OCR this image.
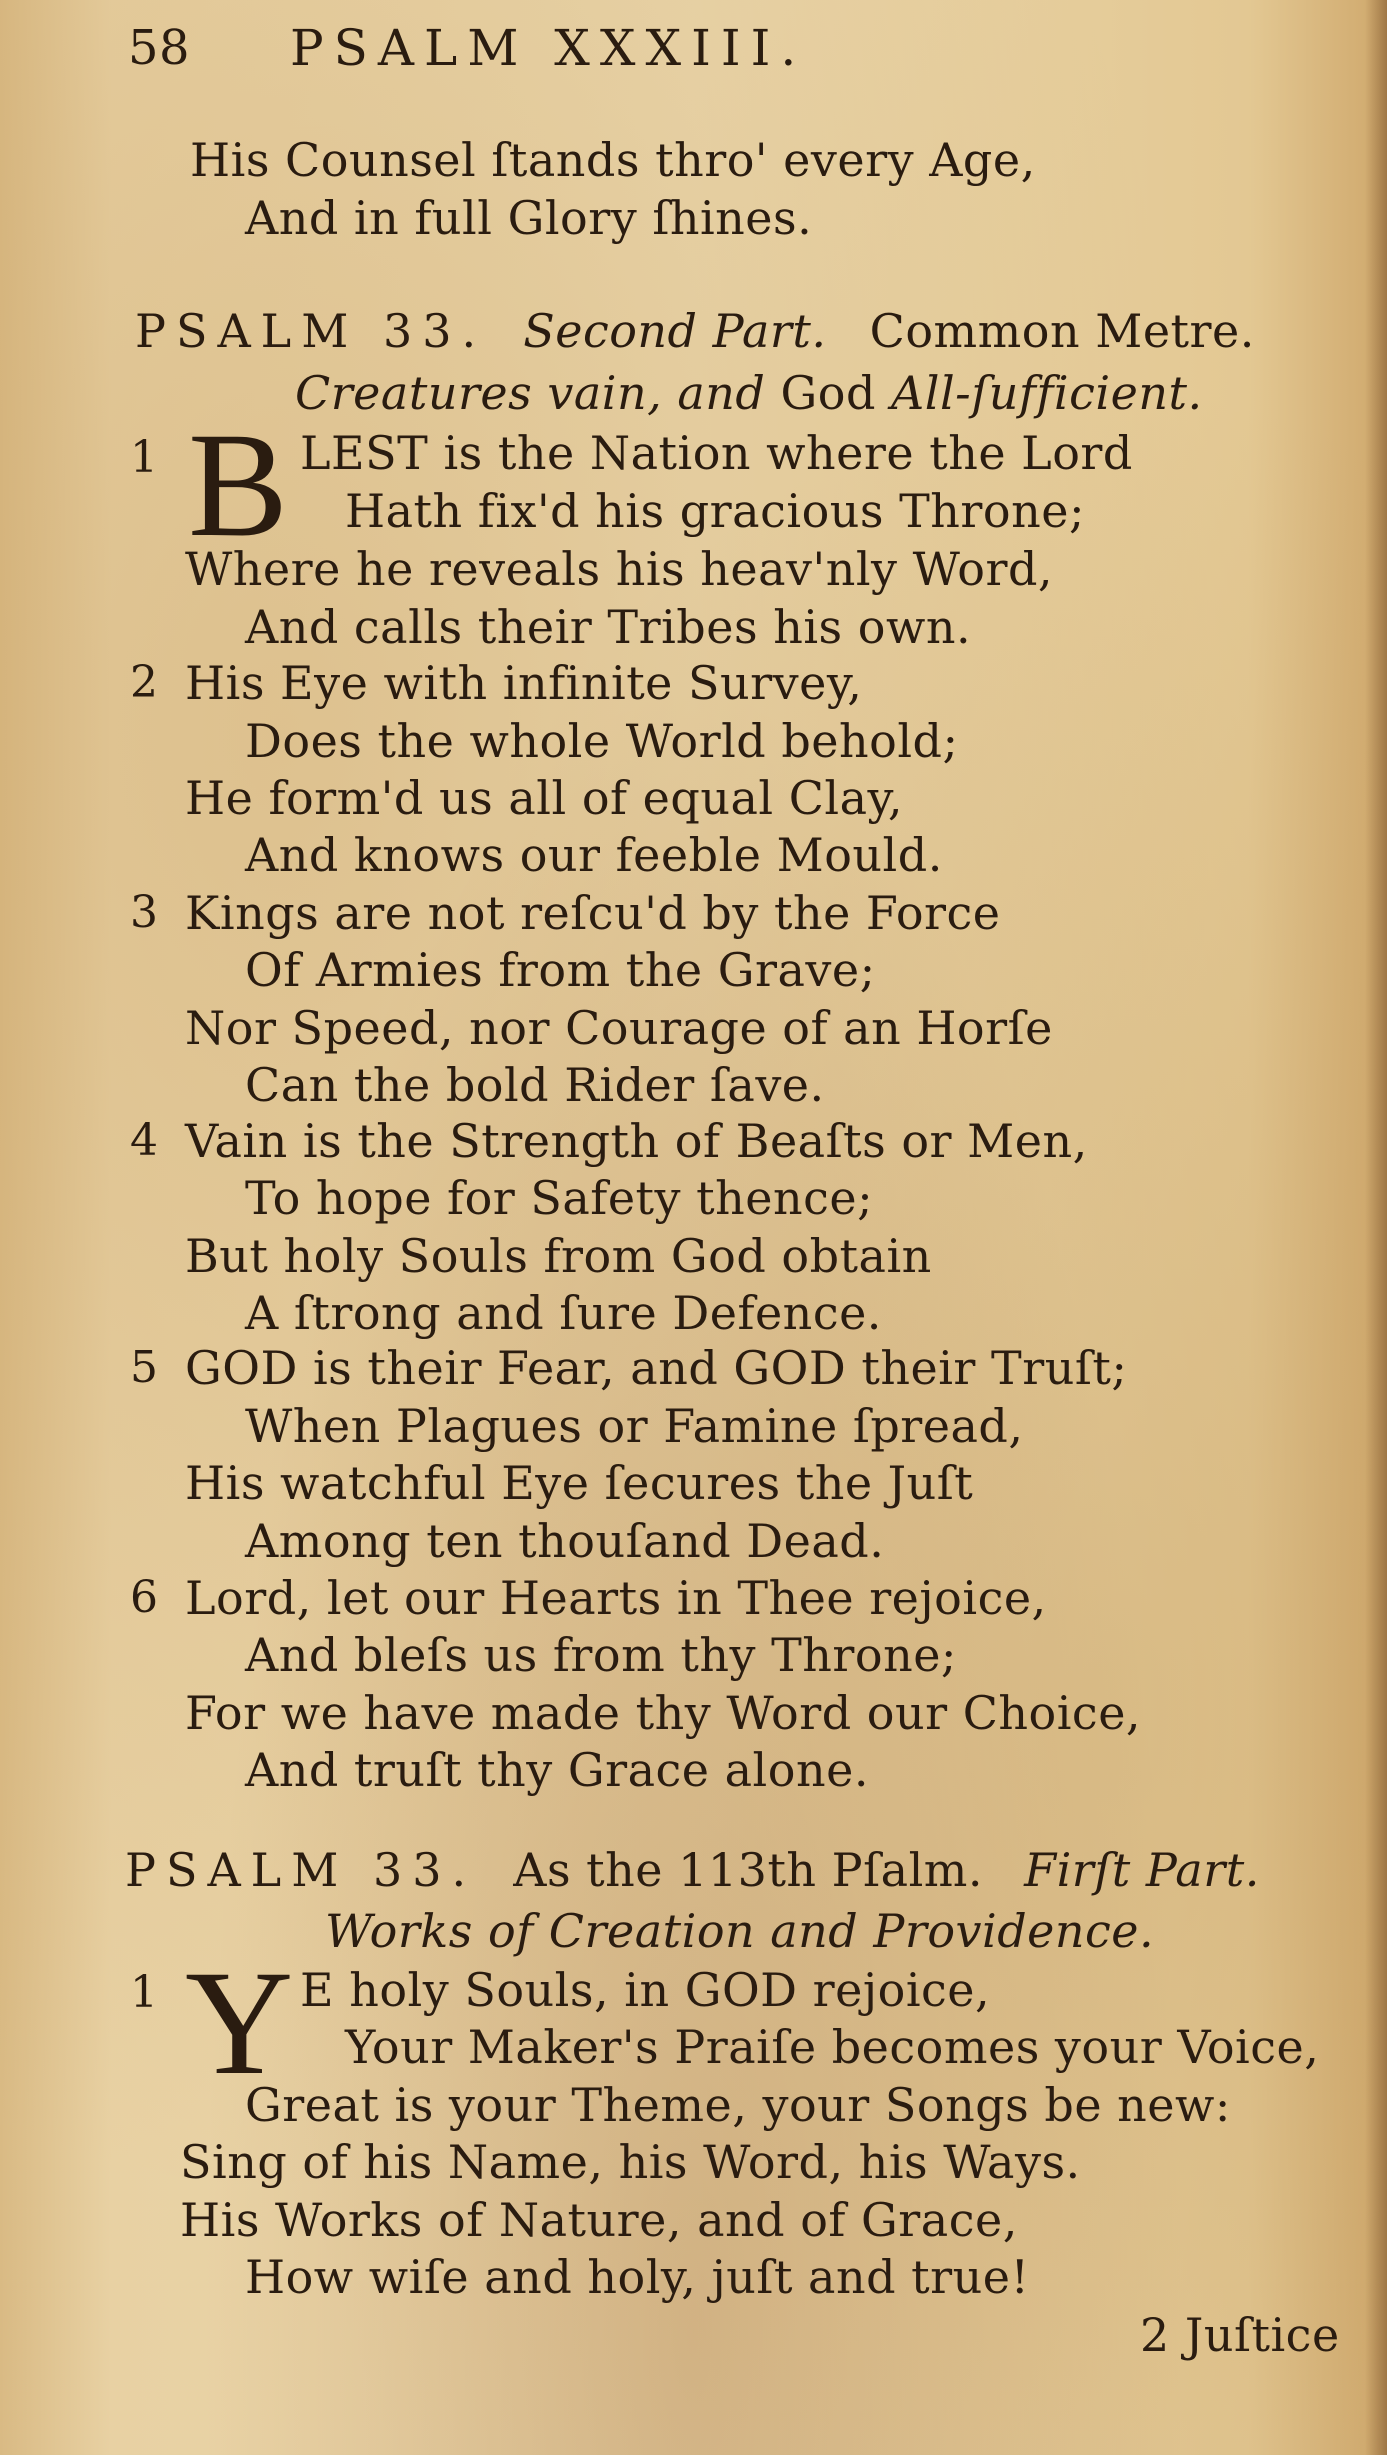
58 PSALM XXXIII.
His Counsel ſtands thro' every Age,
And in full Glory ſhines.
PSALM 33. Second Part. Common Metre.
Creatures vain, and God All-ſufficient.
1 B LEST is the Nation where the Lord
Hath fix'd his gracious Throne;
Where he reveals his heav'nly Word,
And calls their Tribes his own.
2 His Eye with infinite Survey,
Does the whole World behold;
He form'd us all of equal Clay,
And knows our feeble Mould.
3 Kings are not reſcu'd by the Force
Of Armies from the Grave;
Nor Speed, nor Courage of an Horſe
Can the bold Rider ſave.
4 Vain is the Strength of Beaſts or Men,
To hope for Safety thence;
But holy Souls from God obtain
A ſtrong and ſure Defence.
5 GOD is their Fear, and GOD their Truſt;
When Plagues or Famine ſpread,
His watchful Eye ſecures the Juſt
Among ten thouſand Dead.
6 Lord, let our Hearts in Thee rejoice,
And bleſs us from thy Throne;
For we have made thy Word our Choice,
And truſt thy Grace alone.
PSALM 33. As the 113th Pſalm. Firſt Part.
Works of Creation and Providence.
1 Y E holy Souls, in GOD rejoice,
Your Maker's Praiſe becomes your Voice,
Great is your Theme, your Songs be new:
Sing of his Name, his Word, his Ways.
His Works of Nature, and of Grace,
How wiſe and holy, juſt and true!
2 Juſtice
